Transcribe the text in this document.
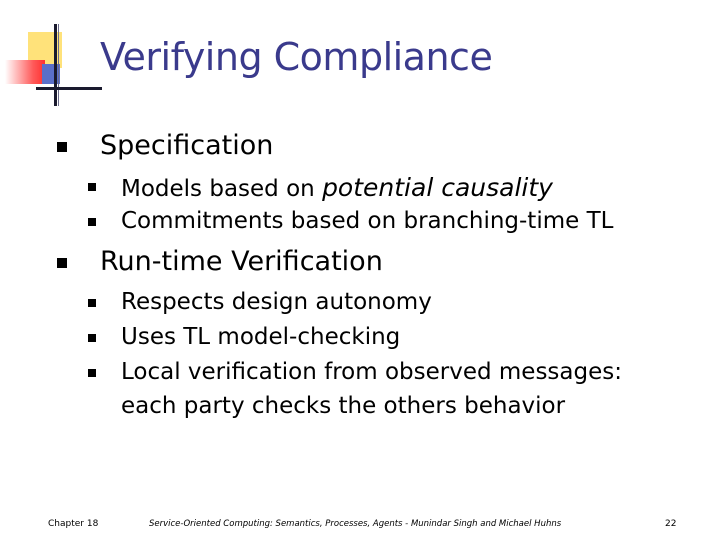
Verifying Compliance
Specification
Models based on potential causality
Commitments based on branching-time TL
Run-time Verification
Respects design autonomy
Uses TL model-checking
Local verification from observed messages:
each party checks the others behavior
Chapter 18	Service-Oriented Computing: Semantics, Processes, Agents - Munindar Singh and Michael Huhns	22
